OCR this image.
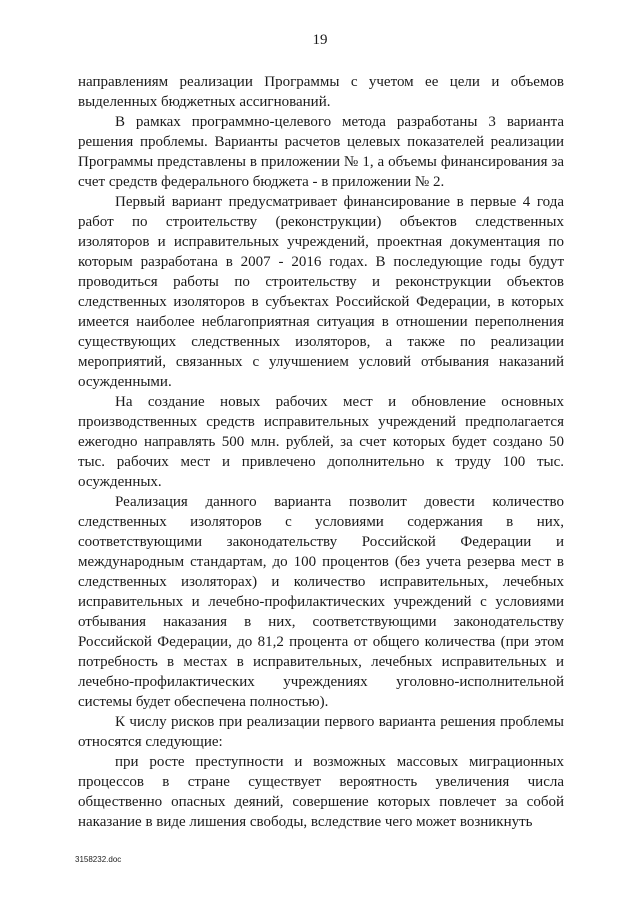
19

направлениям реализации Программы с учетом ее цели и объемов выделенных бюджетных ассигнований.

В рамках программно-целевого метода разработаны 3 варианта решения проблемы. Варианты расчетов целевых показателей реализации Программы представлены в приложении № 1, а объемы финансирования за счет средств федерального бюджета - в приложении № 2.

Первый вариант предусматривает финансирование в первые 4 года работ по строительству (реконструкции) объектов следственных изоляторов и исправительных учреждений, проектная документация по которым разработана в 2007 - 2016 годах. В последующие годы будут проводиться работы по строительству и реконструкции объектов следственных изоляторов в субъектах Российской Федерации, в которых имеется наиболее неблагоприятная ситуация в отношении переполнения существующих следственных изоляторов, а также по реализации мероприятий, связанных с улучшением условий отбывания наказаний осужденными.

На создание новых рабочих мест и обновление основных производственных средств исправительных учреждений предполагается ежегодно направлять 500 млн. рублей, за счет которых будет создано 50 тыс. рабочих мест и привлечено дополнительно к труду 100 тыс. осужденных.

Реализация данного варианта позволит довести количество следственных изоляторов с условиями содержания в них, соответствующими законодательству Российской Федерации и международным стандартам, до 100 процентов (без учета резерва мест в следственных изоляторах) и количество исправительных, лечебных исправительных и лечебно-профилактических учреждений с условиями отбывания наказания в них, соответствующими законодательству Российской Федерации, до 81,2 процента от общего количества (при этом потребность в местах в исправительных, лечебных исправительных и лечебно-профилактических учреждениях уголовно-исполнительной системы будет обеспечена полностью).

К числу рисков при реализации первого варианта решения проблемы относятся следующие:

при росте преступности и возможных массовых миграционных процессов в стране существует вероятность увеличения числа общественно опасных деяний, совершение которых повлечет за собой наказание в виде лишения свободы, вследствие чего может возникнуть

3158232.doc
